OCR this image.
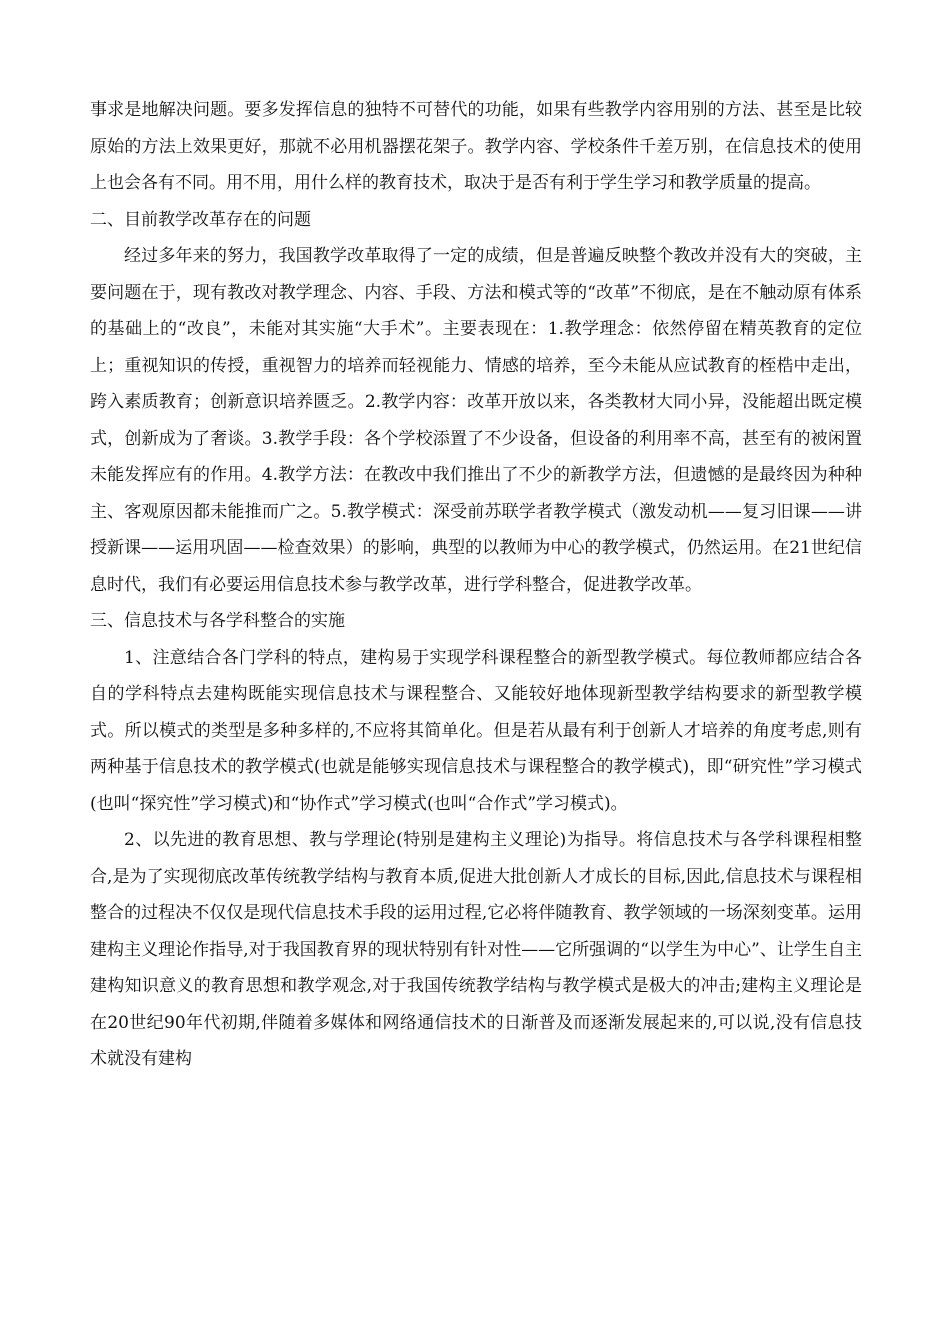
事求是地解决问题。要多发挥信息的独特不可替代的功能，如果有些教学内容用别的方法、甚至是比较原始的方法上效果更好，那就不必用机器摆花架子。教学内容、学校条件千差万别，在信息技术的使用上也会各有不同。用不用，用什么样的教育技术，取决于是否有利于学生学习和教学质量的提高。

二、目前教学改革存在的问题

经过多年来的努力，我国教学改革取得了一定的成绩，但是普遍反映整个教改并没有大的突破，主要问题在于，现有教改对教学理念、内容、手段、方法和模式等的“改革”不彻底，是在不触动原有体系的基础上的“改良”，未能对其实施“大手术”。主要表现在：1.教学理念：依然停留在精英教育的定位上；重视知识的传授，重视智力的培养而轻视能力、情感的培养，至今未能从应试教育的桎梏中走出，跨入素质教育；创新意识培养匮乏。2.教学内容：改革开放以来，各类教材大同小异，没能超出既定模式，创新成为了奢谈。3.教学手段：各个学校添置了不少设备，但设备的利用率不高，甚至有的被闲置未能发挥应有的作用。4.教学方法：在教改中我们推出了不少的新教学方法，但遗憾的是最终因为种种主、客观原因都未能推而广之。5.教学模式：深受前苏联学者教学模式（激发动机——复习旧课——讲授新课——运用巩固——检查效果）的影响，典型的以教师为中心的教学模式，仍然运用。在21世纪信息时代，我们有必要运用信息技术参与教学改革，进行学科整合，促进教学改革。

三、信息技术与各学科整合的实施

1、注意结合各门学科的特点，建构易于实现学科课程整合的新型教学模式。每位教师都应结合各自的学科特点去建构既能实现信息技术与课程整合、又能较好地体现新型教学结构要求的新型教学模式。所以模式的类型是多种多样的,不应将其简单化。但是若从最有利于创新人才培养的角度考虑,则有两种基于信息技术的教学模式(也就是能够实现信息技术与课程整合的教学模式)，即“研究性”学习模式(也叫“探究性”学习模式)和“协作式”学习模式(也叫“合作式”学习模式)。

2、以先进的教育思想、教与学理论(特别是建构主义理论)为指导。将信息技术与各学科课程相整合,是为了实现彻底改革传统教学结构与教育本质,促进大批创新人才成长的目标,因此,信息技术与课程相整合的过程决不仅仅是现代信息技术手段的运用过程,它必将伴随教育、教学领域的一场深刻变革。运用建构主义理论作指导,对于我国教育界的现状特别有针对性——它所强调的“以学生为中心”、让学生自主建构知识意义的教育思想和教学观念,对于我国传统教学结构与教学模式是极大的冲击;建构主义理论是在20世纪90年代初期,伴随着多媒体和网络通信技术的日渐普及而逐渐发展起来的,可以说,没有信息技术就没有建构
